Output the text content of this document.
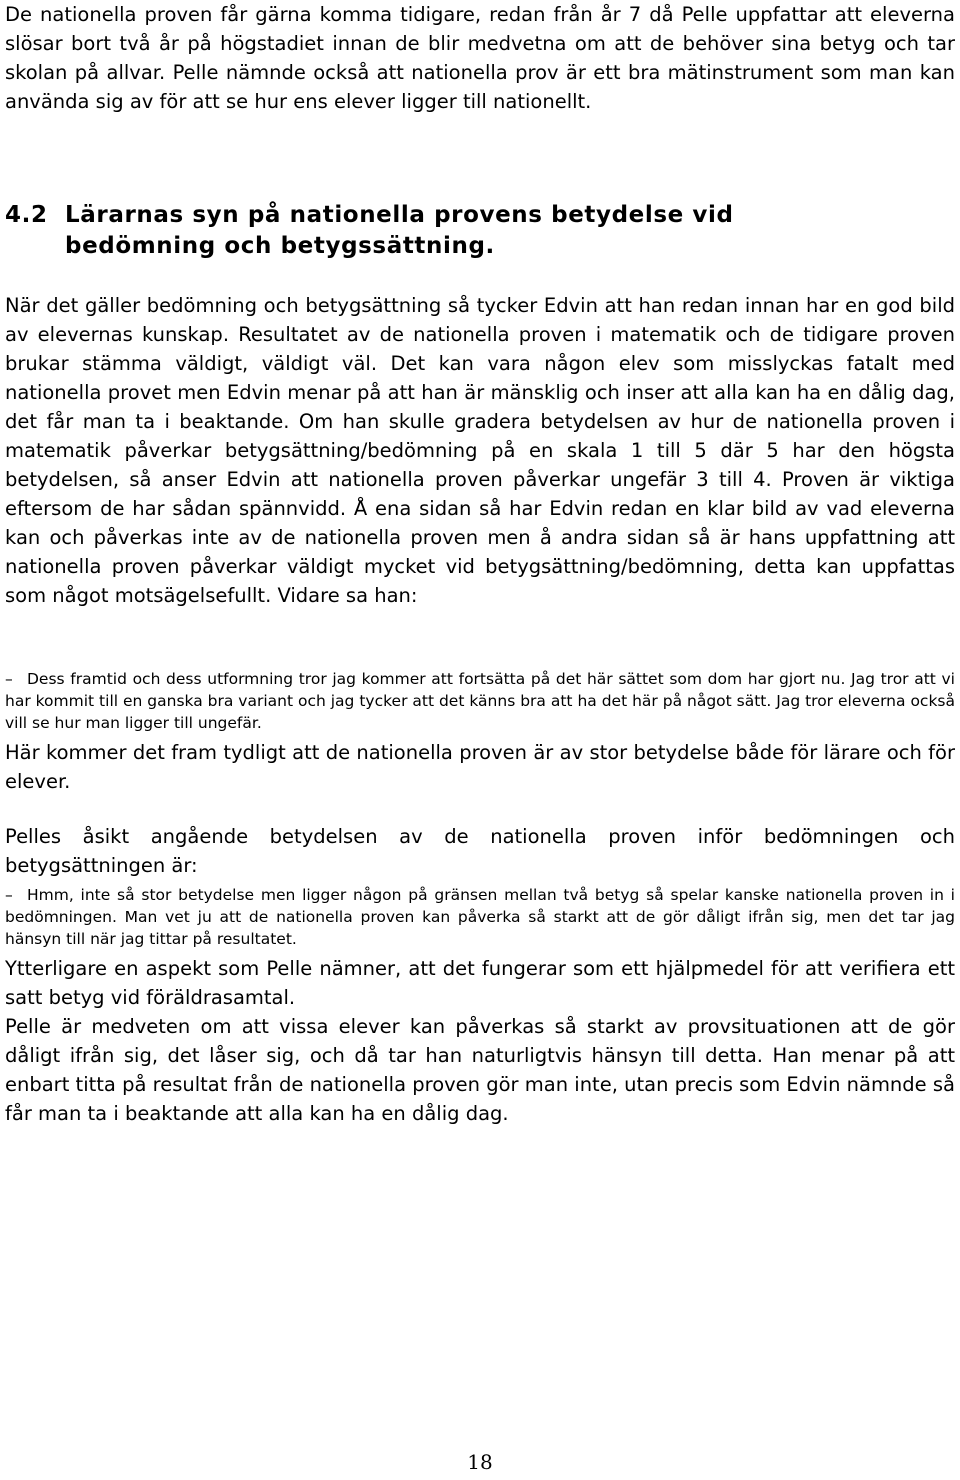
De nationella proven får gärna komma tidigare, redan från år 7 då Pelle uppfattar att eleverna slösar bort två år på högstadiet innan de blir medvetna om att de behöver sina betyg och tar skolan på allvar. Pelle nämnde också att nationella prov är ett bra mätinstrument som man kan använda sig av för att se hur ens elever ligger till nationellt.

4.2 Lärarnas syn på nationella provens betydelse vid
bedömning och betygssättning.

När det gäller bedömning och betygsättning så tycker Edvin att han redan innan har en god bild av elevernas kunskap. Resultatet av de nationella proven i matematik och de tidigare proven brukar stämma väldigt, väldigt väl. Det kan vara någon elev som misslyckas fatalt med nationella provet men Edvin menar på att han är mänsklig och inser att alla kan ha en dålig dag, det får man ta i beaktande. Om han skulle gradera betydelsen av hur de nationella proven i matematik påverkar betygsättning/bedömning på en skala 1 till 5 där 5 har den högsta betydelsen, så anser Edvin att nationella proven påverkar ungefär 3 till 4. Proven är viktiga eftersom de har sådan spännvidd. Å ena sidan så har Edvin redan en klar bild av vad eleverna kan och påverkas inte av de nationella proven men å andra sidan så är hans uppfattning att nationella proven påverkar väldigt mycket vid betygsättning/bedömning, detta kan uppfattas som något motsägelsefullt. Vidare sa han:

– Dess framtid och dess utformning tror jag kommer att fortsätta på det här sättet som dom har gjort nu. Jag tror att vi har kommit till en ganska bra variant och jag tycker att det känns bra att ha det här på något sätt. Jag tror eleverna också vill se hur man ligger till ungefär.

Här kommer det fram tydligt att de nationella proven är av stor betydelse både för lärare och för elever.

Pelles åsikt angående betydelsen av de nationella proven inför bedömningen och betygsättningen är:

– Hmm, inte så stor betydelse men ligger någon på gränsen mellan två betyg så spelar kanske nationella proven in i bedömningen. Man vet ju att de nationella proven kan påverka så starkt att de gör dåligt ifrån sig, men det tar jag hänsyn till när jag tittar på resultatet.

Ytterligare en aspekt som Pelle nämner, att det fungerar som ett hjälpmedel för att verifiera ett satt betyg vid föräldrasamtal.

Pelle är medveten om att vissa elever kan påverkas så starkt av provsituationen att de gör dåligt ifrån sig, det låser sig, och då tar han naturligtvis hänsyn till detta. Han menar på att enbart titta på resultat från de nationella proven gör man inte, utan precis som Edvin nämnde så får man ta i beaktande att alla kan ha en dålig dag.

18
